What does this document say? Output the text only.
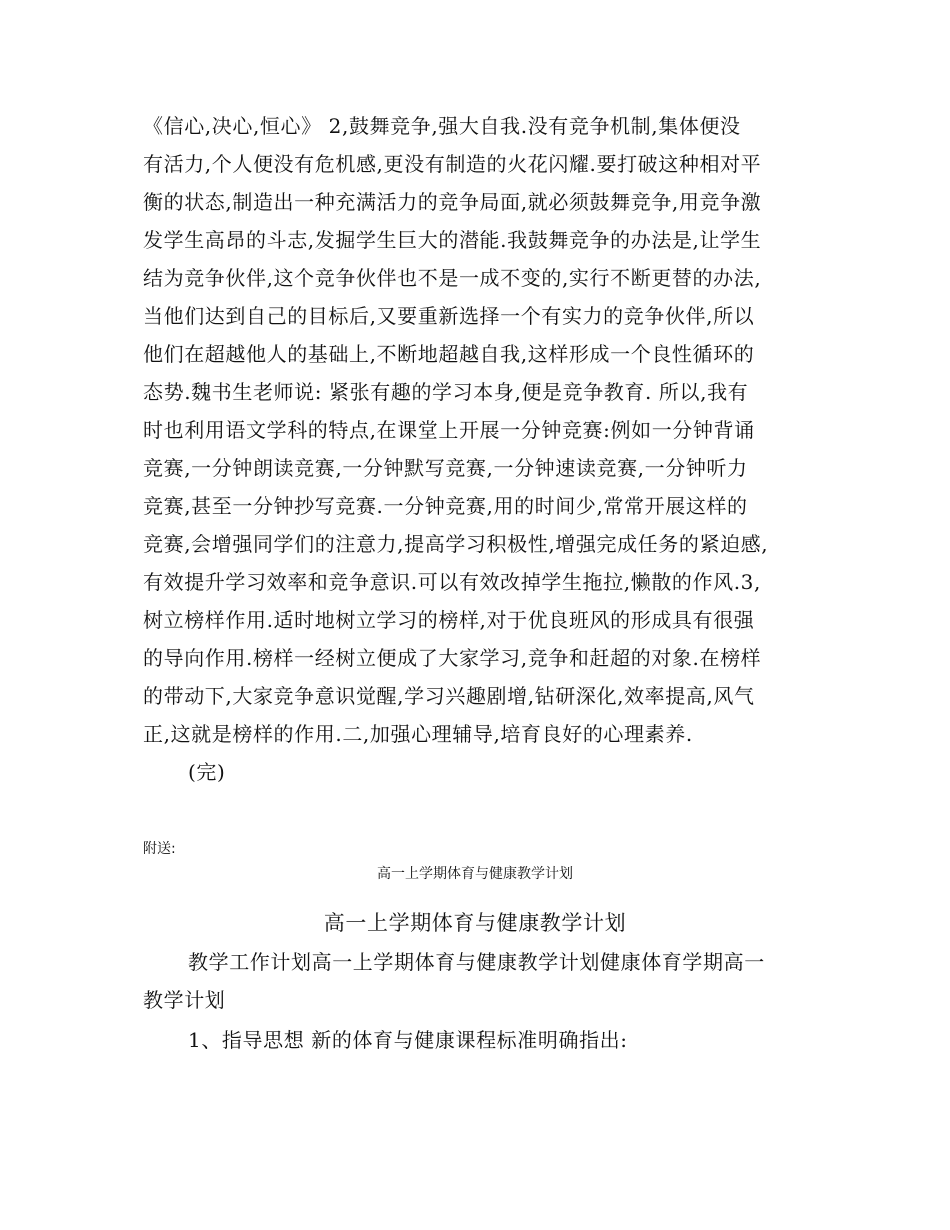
《信心,决心,恒心》 2,鼓舞竞争,强大自我.没有竞争机制,集体便没
有活力,个人便没有危机感,更没有制造的火花闪耀.要打破这种相对平
衡的状态,制造出一种充满活力的竞争局面,就必须鼓舞竞争,用竞争激
发学生高昂的斗志,发掘学生巨大的潜能.我鼓舞竞争的办法是,让学生
结为竞争伙伴,这个竞争伙伴也不是一成不变的,实行不断更替的办法,
当他们达到自己的目标后,又要重新选择一个有实力的竞争伙伴,所以
他们在超越他人的基础上,不断地超越自我,这样形成一个良性循环的
态势.魏书生老师说: 紧张有趣的学习本身,便是竞争教育. 所以,我有
时也利用语文学科的特点,在课堂上开展一分钟竞赛:例如一分钟背诵
竞赛,一分钟朗读竞赛,一分钟默写竞赛,一分钟速读竞赛,一分钟听力
竞赛,甚至一分钟抄写竞赛.一分钟竞赛,用的时间少,常常开展这样的
竞赛,会增强同学们的注意力,提高学习积极性,增强完成任务的紧迫感,
有效提升学习效率和竞争意识.可以有效改掉学生拖拉,懒散的作风.3,
树立榜样作用.适时地树立学习的榜样,对于优良班风的形成具有很强
的导向作用.榜样一经树立便成了大家学习,竞争和赶超的对象.在榜样
的带动下,大家竞争意识觉醒,学习兴趣剧增,钻研深化,效率提高,风气
正,这就是榜样的作用.二,加强心理辅导,培育良好的心理素养.
(完)
附送:
高一上学期体育与健康教学计划
高一上学期体育与健康教学计划
教学工作计划高一上学期体育与健康教学计划健康体育学期高一
教学计划
1、指导思想 新的体育与健康课程标准明确指出:
